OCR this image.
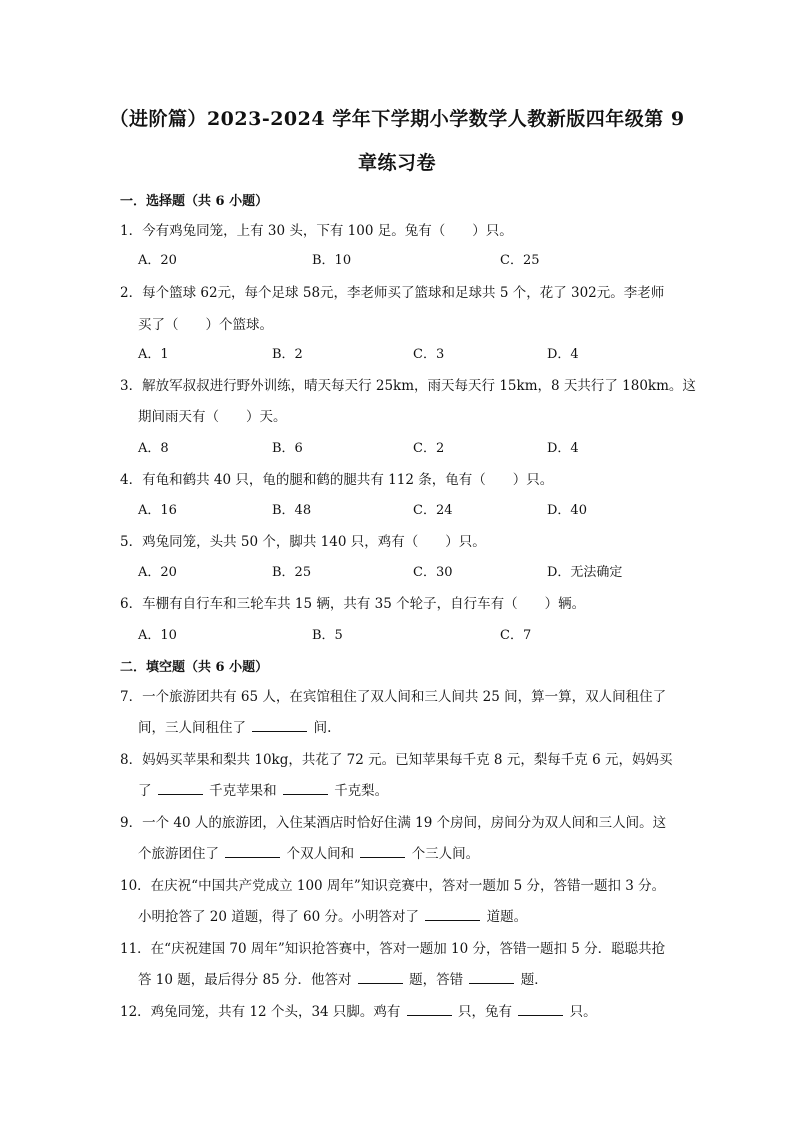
（进阶篇）2023-2024 学年下学期小学数学人教新版四年级第 9
章练习卷
一．选择题（共 6 小题）
1．今有鸡兔同笼，上有 30 头，下有 100 足。兔有（　　）只。
A．20	B．10	C．25
2．每个篮球 62元，每个足球 58元，李老师买了篮球和足球共 5 个，花了 302元。李老师
买了（　　）个篮球。
A．1	B．2	C．3	D．4
3．解放军叔叔进行野外训练，晴天每天行 25km，雨天每天行 15km，8 天共行了 180km。这
期间雨天有（　　）天。
A．8	B．6	C．2	D．4
4．有龟和鹤共 40 只，龟的腿和鹤的腿共有 112 条，龟有（　　）只。
A．16	B．48	C．24	D．40
5．鸡兔同笼，头共 50 个，脚共 140 只，鸡有（　　）只。
A．20	B．25	C．30	D．无法确定
6．车棚有自行车和三轮车共 15 辆，共有 35 个轮子，自行车有（　　）辆。
A．10	B．5	C．7
二．填空题（共 6 小题）
7．一个旅游团共有 65 人，在宾馆租住了双人间和三人间共 25 间，算一算，双人间租住了
间，三人间租住了	间.
8．妈妈买苹果和梨共 10kg，共花了 72 元。已知苹果每千克 8 元，梨每千克 6 元，妈妈买
了	千克苹果和	千克梨。
9．一个 40 人的旅游团，入住某酒店时恰好住满 19 个房间，房间分为双人间和三人间。这
个旅游团住了	个双人间和	个三人间。
10．在庆祝“中国共产党成立 100 周年”知识竞赛中，答对一题加 5 分，答错一题扣 3 分。
小明抢答了 20 道题，得了 60 分。小明答对了	道题。
11．在“庆祝建国 70 周年”知识抢答赛中，答对一题加 10 分，答错一题扣 5 分．聪聪共抢
答 10 题，最后得分 85 分．他答对	题，答错	题．
12．鸡兔同笼，共有 12 个头，34 只脚。鸡有	只，兔有	只。
